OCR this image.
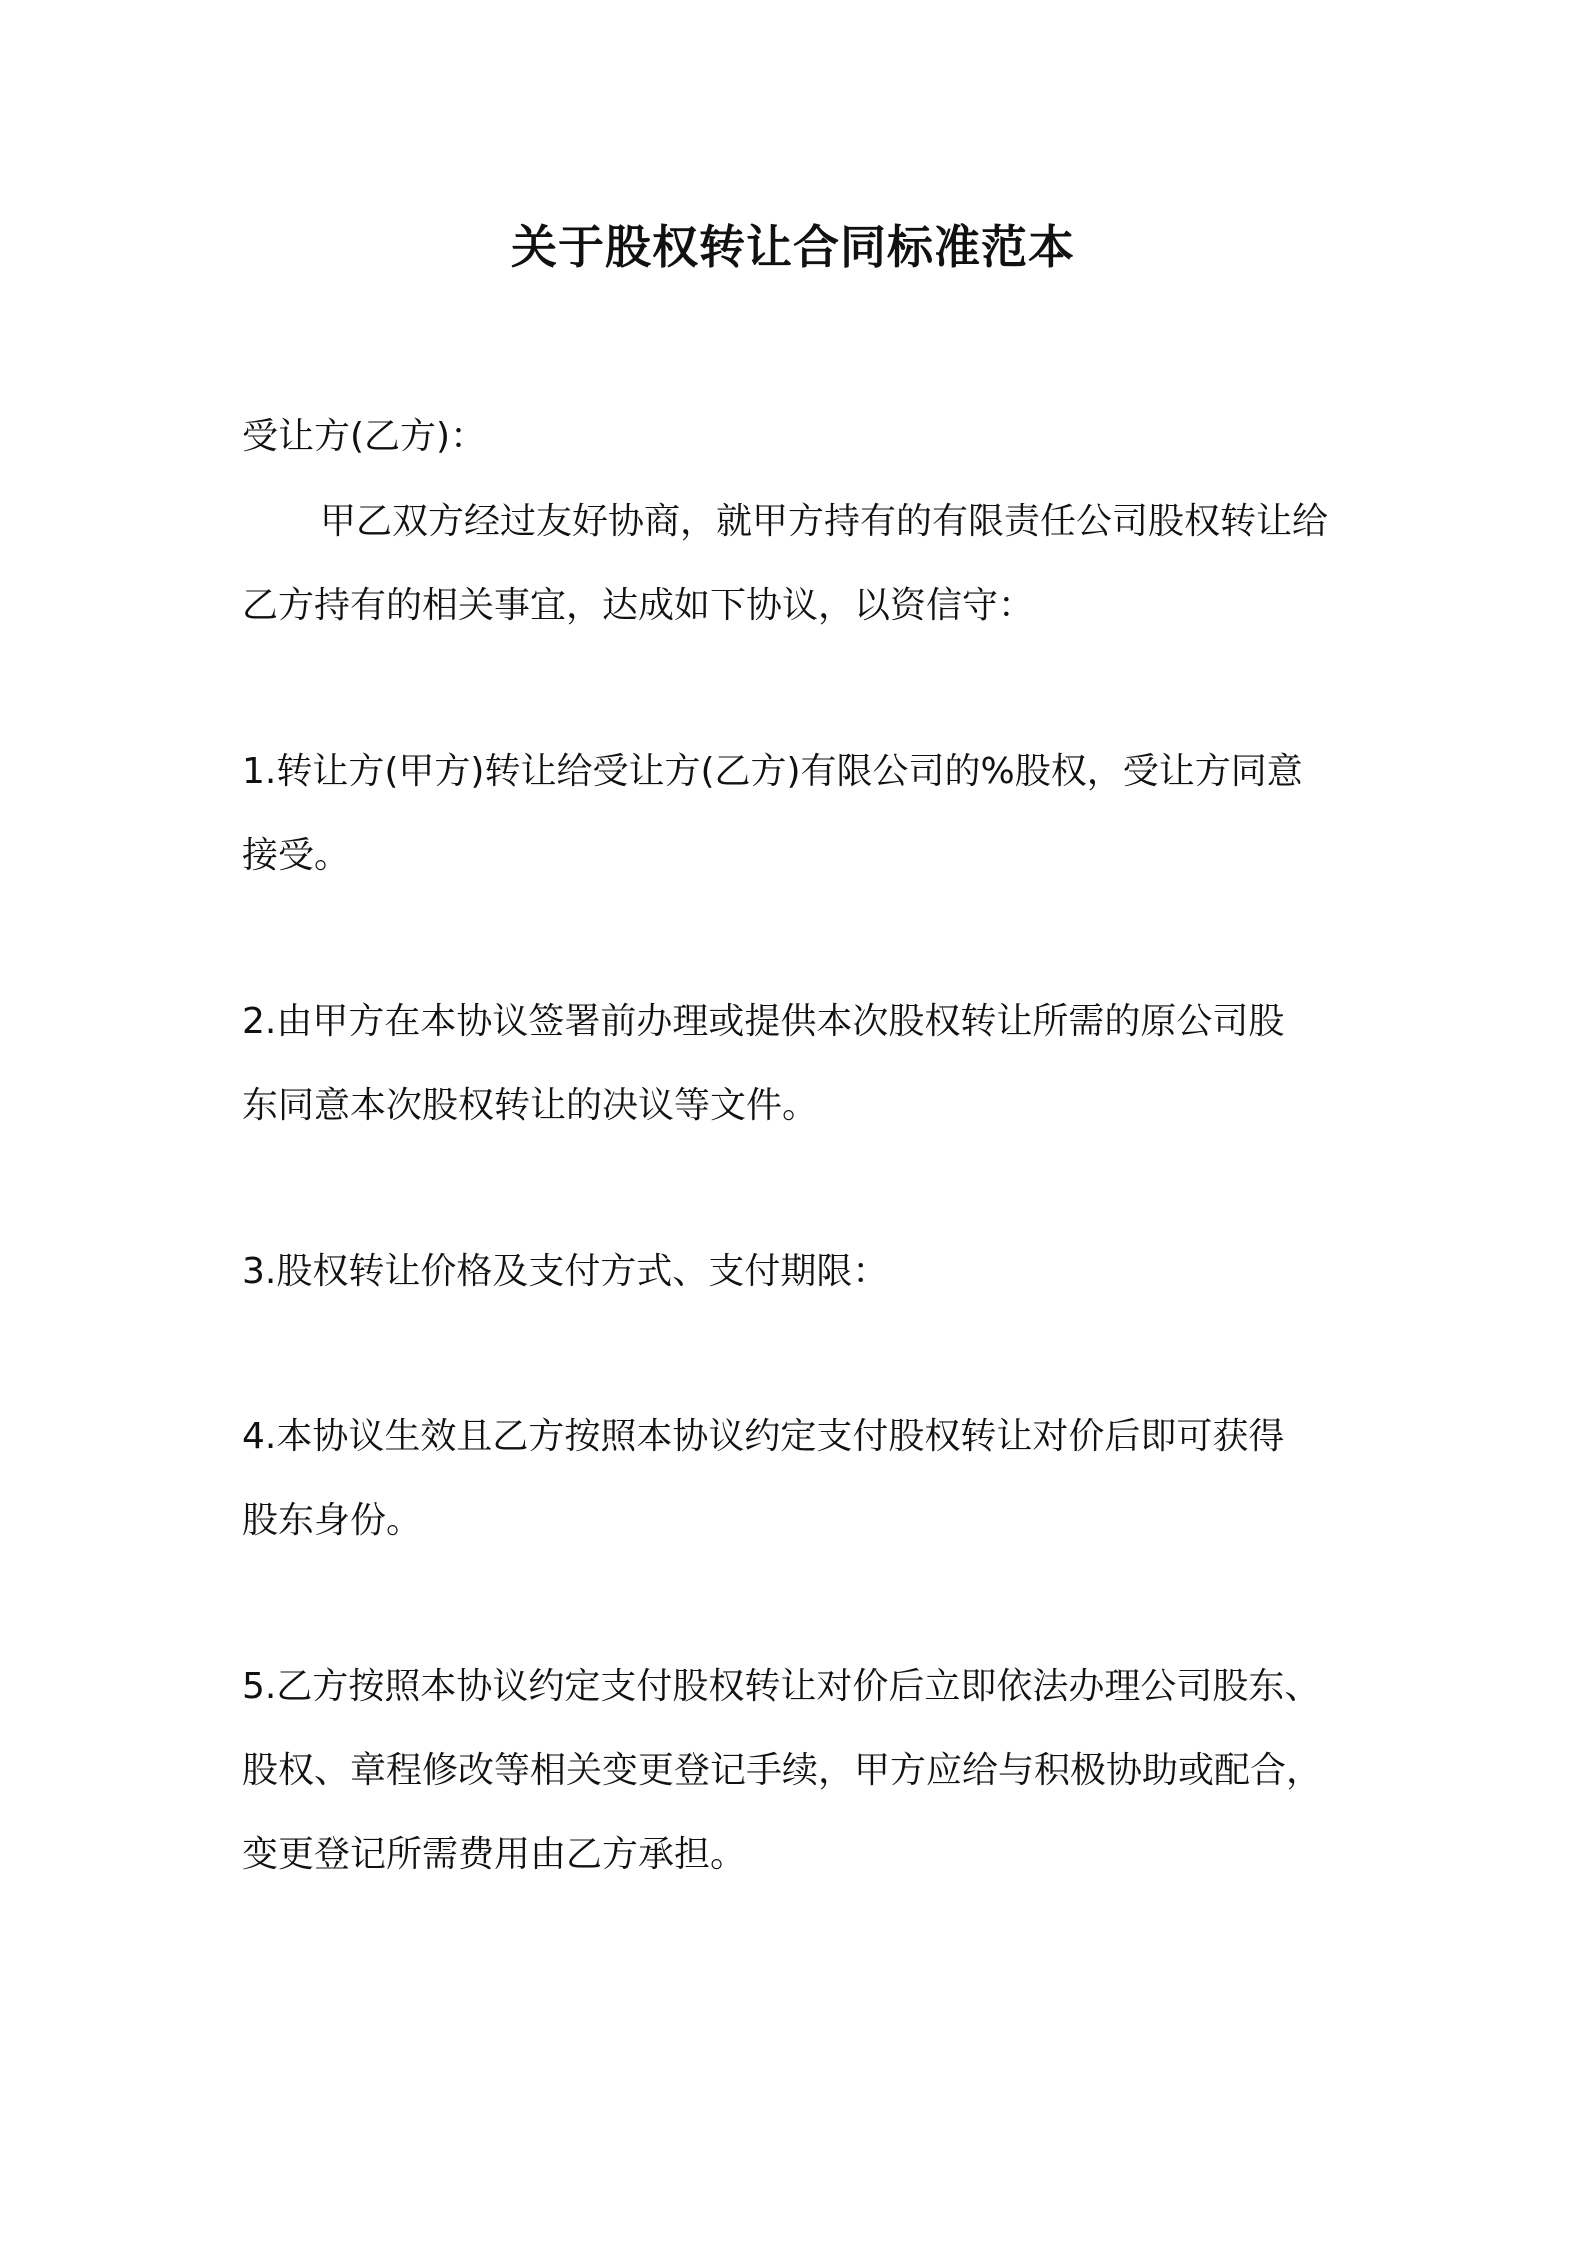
关于股权转让合同标准范本
受让方(乙方)：
甲乙双方经过友好协商，就甲方持有的有限责任公司股权转让给
乙方持有的相关事宜，达成如下协议，以资信守：
1.转让方(甲方)转让给受让方(乙方)有限公司的%股权，受让方同意
接受。
2.由甲方在本协议签署前办理或提供本次股权转让所需的原公司股
东同意本次股权转让的决议等文件。
3.股权转让价格及支付方式、支付期限：
4.本协议生效且乙方按照本协议约定支付股权转让对价后即可获得
股东身份。
5.乙方按照本协议约定支付股权转让对价后立即依法办理公司股东、
股权、章程修改等相关变更登记手续，甲方应给与积极协助或配合，
变更登记所需费用由乙方承担。
